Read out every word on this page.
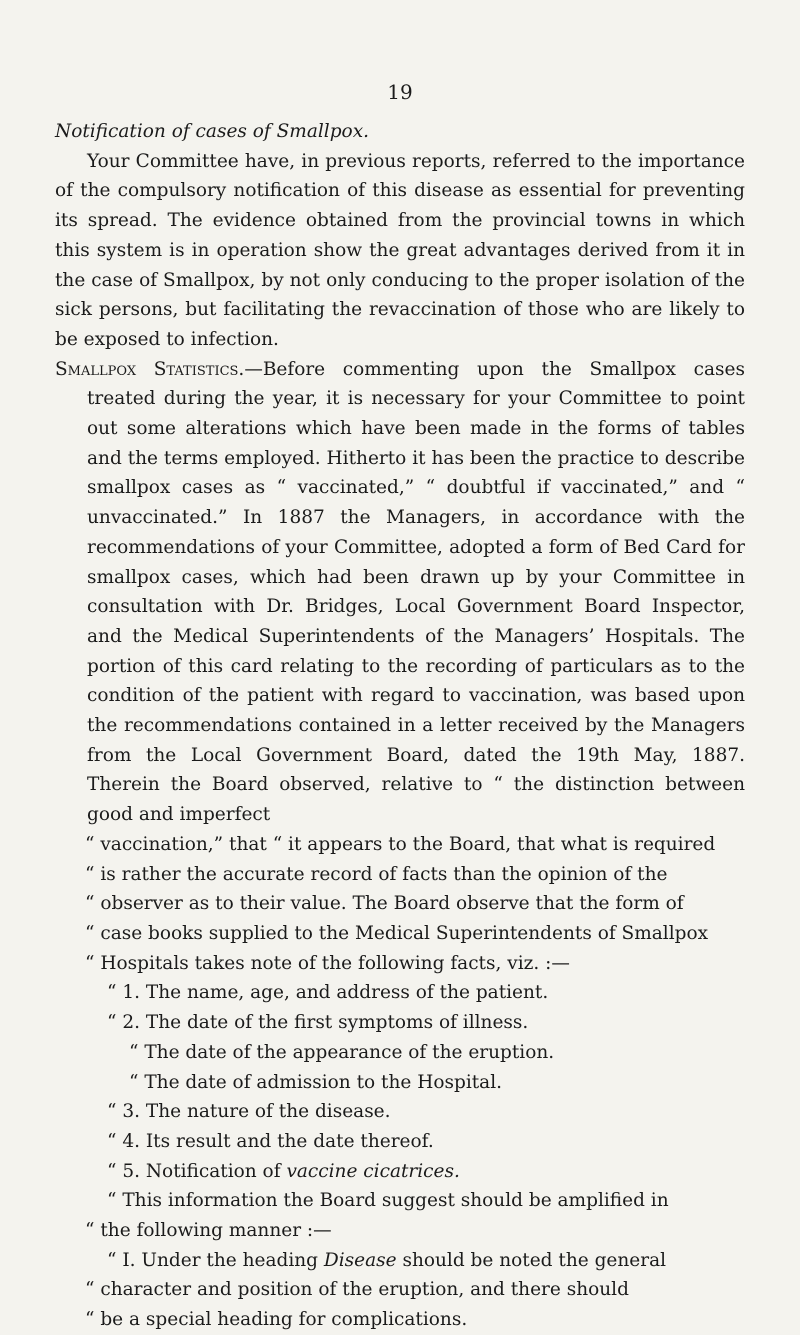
19

Notification of cases of Smallpox.

Your Committee have, in previous reports, referred to the importance of the compulsory notification of this disease as essential for preventing its spread. The evidence obtained from the provincial towns in which this system is in operation show the great advantages derived from it in the case of Smallpox, by not only conducing to the proper isolation of the sick persons, but facilitating the revaccination of those who are likely to be exposed to infection.

Smallpox Statistics.—Before commenting upon the Smallpox cases treated during the year, it is necessary for your Committee to point out some alterations which have been made in the forms of tables and the terms employed. Hitherto it has been the practice to describe smallpox cases as “ vaccinated,” “ doubtful if vaccinated,” and “ unvaccinated.” In 1887 the Managers, in accordance with the recommendations of your Committee, adopted a form of Bed Card for smallpox cases, which had been drawn up by your Committee in consultation with Dr. Bridges, Local Government Board Inspector, and the Medical Superintendents of the Managers’ Hospitals. The portion of this card relating to the recording of particulars as to the condition of the patient with regard to vaccination, was based upon the recommendations contained in a letter received by the Managers from the Local Government Board, dated the 19th May, 1887. Therein the Board observed, relative to “ the distinction between good and imperfect

“ vaccination,” that “ it appears to the Board, that what is required

“ is rather the accurate record of facts than the opinion of the

“ observer as to their value. The Board observe that the form of

“ case books supplied to the Medical Superintendents of Smallpox

“ Hospitals takes note of the following facts, viz. :—

“ 1. The name, age, and address of the patient.

“ 2. The date of the first symptoms of illness.

“ The date of the appearance of the eruption.

“ The date of admission to the Hospital.

“ 3. The nature of the disease.

“ 4. Its result and the date thereof.

“ 5. Notification of vaccine cicatrices.

“ This information the Board suggest should be amplified in

“ the following manner :—

“ I. Under the heading Disease should be noted the general

“ character and position of the eruption, and there should

“ be a special heading for complications.
